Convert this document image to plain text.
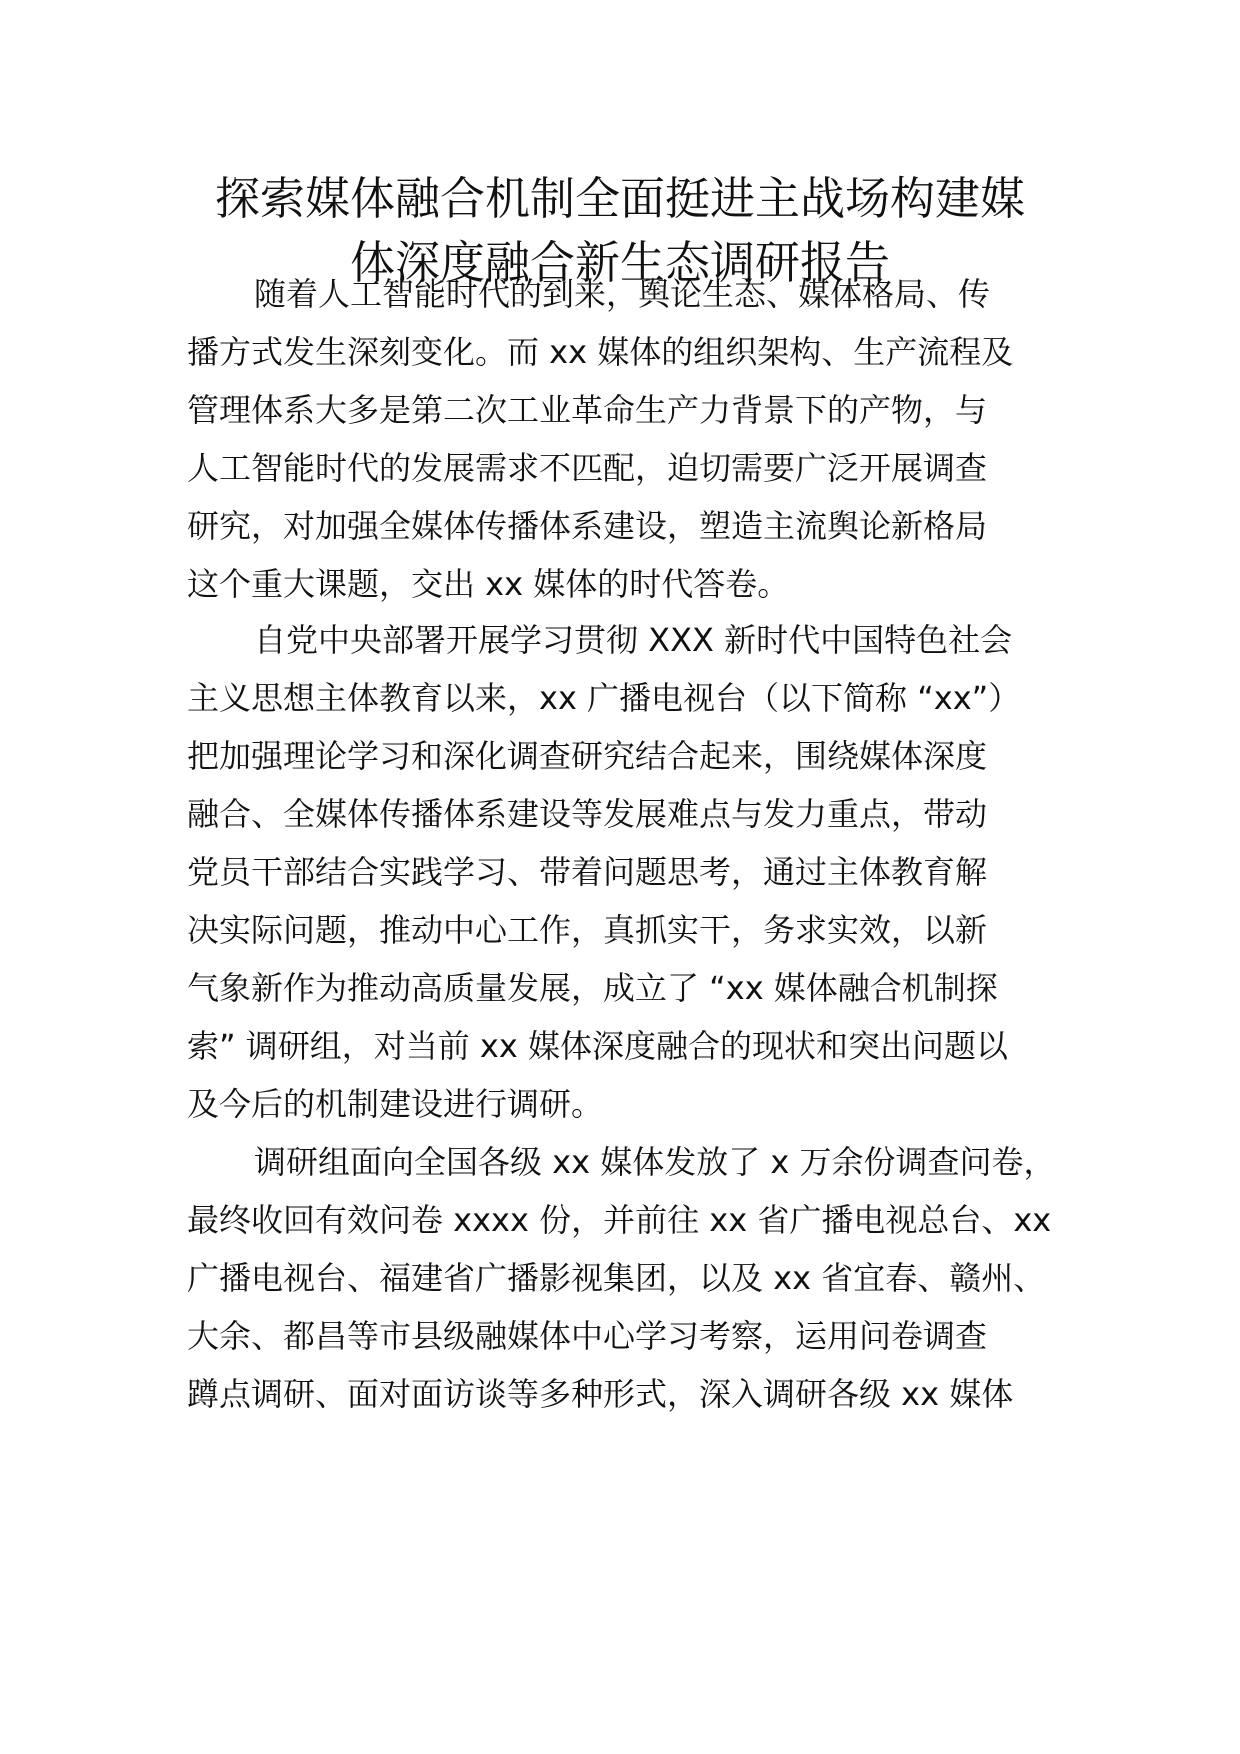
探索媒体融合机制全面挺进主战场构建媒
体深度融合新生态调研报告

随着人工智能时代的到来，舆论生态、媒体格局、传

播方式发生深刻变化。而 xx 媒体的组织架构、生产流程及

管理体系大多是第二次工业革命生产力背景下的产物，与

人工智能时代的发展需求不匹配，迫切需要广泛开展调查

研究，对加强全媒体传播体系建设，塑造主流舆论新格局

这个重大课题，交出 xx 媒体的时代答卷。

自党中央部署开展学习贯彻 XXX 新时代中国特色社会

主义思想主体教育以来，xx 广播电视台（以下简称 “xx”）

把加强理论学习和深化调查研究结合起来，围绕媒体深度

融合、全媒体传播体系建设等发展难点与发力重点，带动

党员干部结合实践学习、带着问题思考，通过主体教育解

决实际问题，推动中心工作，真抓实干，务求实效，以新

气象新作为推动高质量发展，成立了 “xx 媒体融合机制探

索” 调研组，对当前 xx 媒体深度融合的现状和突出问题以

及今后的机制建设进行调研。

调研组面向全国各级 xx 媒体发放了 x 万余份调查问卷，

最终收回有效问卷 xxxx 份，并前往 xx 省广播电视总台、xx

广播电视台、福建省广播影视集团，以及 xx 省宜春、赣州、

大余、都昌等市县级融媒体中心学习考察，运用问卷调查

蹲点调研、面对面访谈等多种形式，深入调研各级 xx 媒体
